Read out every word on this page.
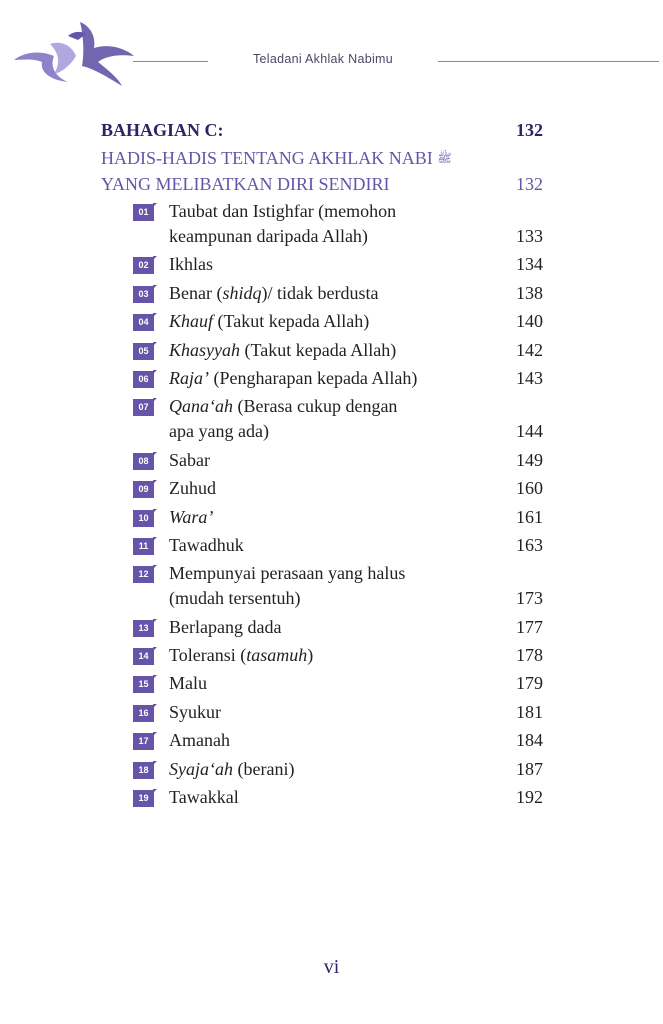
Teladani Akhlak Nabimu
BAHAGIAN C:	132
HADIS-HADIS TENTANG AKHLAK NABI ﷺ
YANG MELIBATKAN DIRI SENDIRI	132
01	Taubat dan Istighfar (memohon
keampunan daripada Allah)	133
02	Ikhlas	134
03	Benar (shidq)/ tidak berdusta	138
04	Khauf (Takut kepada Allah)	140
05	Khasyyah (Takut kepada Allah)	142
06	Raja’ (Pengharapan kepada Allah)	143
07	Qana‘ah (Berasa cukup dengan
apa yang ada)	144
08	Sabar	149
09	Zuhud	160
10	Wara’	161
11	Tawadhuk	163
12	Mempunyai perasaan yang halus
(mudah tersentuh)	173
13	Berlapang dada	177
14	Toleransi (tasamuh)	178
15	Malu	179
16	Syukur	181
17	Amanah	184
18	Syaja‘ah (berani)	187
19	Tawakkal	192
vi
